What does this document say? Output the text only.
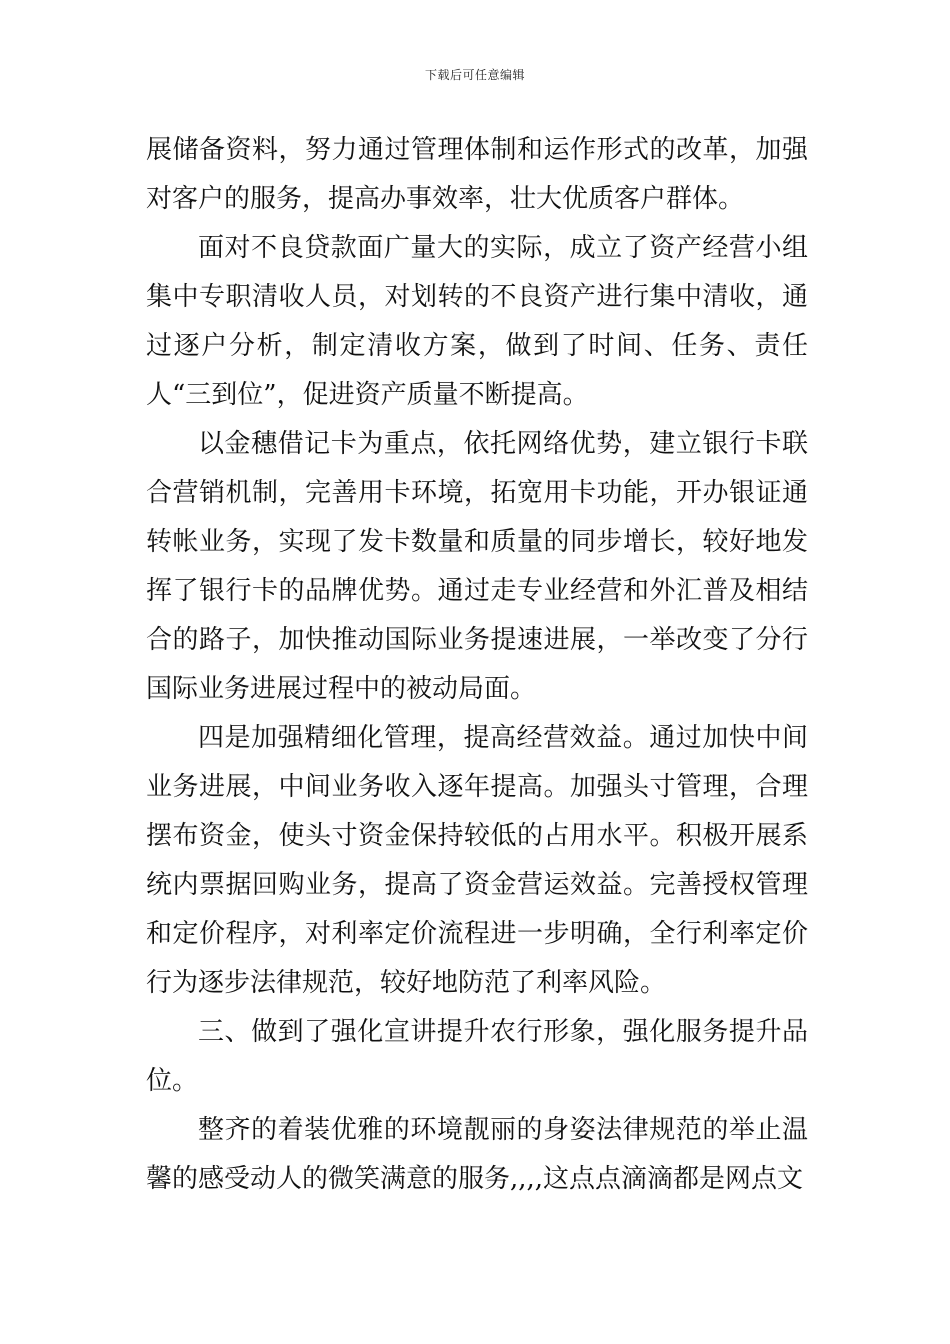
下载后可任意编辑

展储备资料，努力通过管理体制和运作形式的改革，加强对客户的服务，提高办事效率，壮大优质客户群体。

面对不良贷款面广量大的实际，成立了资产经营小组集中专职清收人员，对划转的不良资产进行集中清收，通过逐户分析，制定清收方案，做到了时间、任务、责任人“三到位”，促进资产质量不断提高。

以金穗借记卡为重点，依托网络优势，建立银行卡联合营销机制，完善用卡环境，拓宽用卡功能，开办银证通转帐业务，实现了发卡数量和质量的同步增长，较好地发挥了银行卡的品牌优势。通过走专业经营和外汇普及相结合的路子，加快推动国际业务提速进展，一举改变了分行国际业务进展过程中的被动局面。

四是加强精细化管理，提高经营效益。通过加快中间业务进展，中间业务收入逐年提高。加强头寸管理，合理摆布资金，使头寸资金保持较低的占用水平。积极开展系统内票据回购业务，提高了资金营运效益。完善授权管理和定价程序，对利率定价流程进一步明确，全行利率定价行为逐步法律规范，较好地防范了利率风险。

三、做到了强化宣讲提升农行形象，强化服务提升品位。

整齐的着装优雅的环境靓丽的身姿法律规范的举止温馨的感受动人的微笑满意的服务,,,,这点点滴滴都是网点文
